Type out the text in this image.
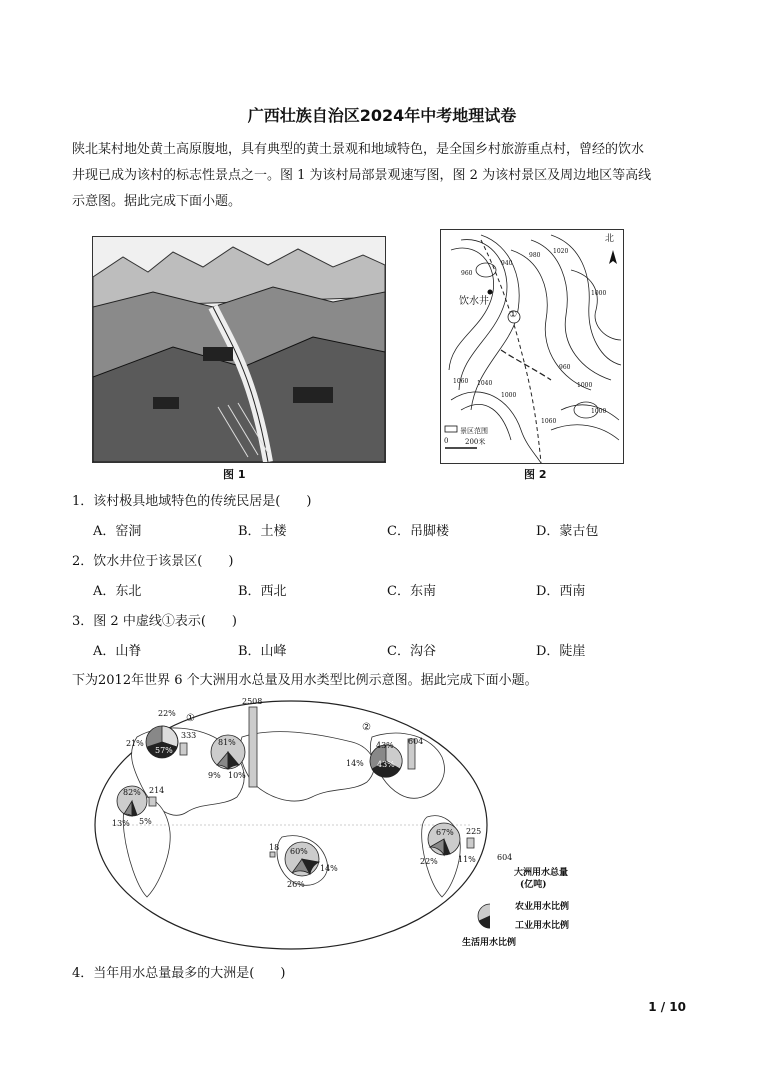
广西壮族自治区2024年中考地理试卷

陕北某村地处黄土高原腹地，具有典型的黄土景观和地域特色，是全国乡村旅游重点村，曾经的饮水

井现已成为该村的标志性景点之一。图 1 为该村局部景观速写图，图 2 为该村景区及周边地区等高线

示意图。据此完成下面小题。

图 1
北
饮水井
①
1020
980
940
960
1000
1060 1040
1000
960
1000
1000
1060
景区范围
0 200米
图 2
1．该村极具地域特色的传统民居是(　　)
A．窑洞	B．土楼	C．吊脚楼	D．蒙古包
2．饮水井位于该景区(　　)
A．东北	B．西北	C．东南	D．西南
3．图 2 中虚线①表示(　　)
A．山脊	B．山峰	C．沟谷	D．陡崖
下为2012年世界 6 个大洲用水总量及用水类型比例示意图。据此完成下面小题。
2508
333
214
604
225
18
①
②
22%
21%
57%
81%
9% 10%
43%
14% 43%
82%
13% 5%
60%
26%
14%
67%
22%	11%	604
大洲用水总量
(亿吨)
农业用水比例
工业用水比例
生活用水比例
4．当年用水总量最多的大洲是(　　)
1 / 10
